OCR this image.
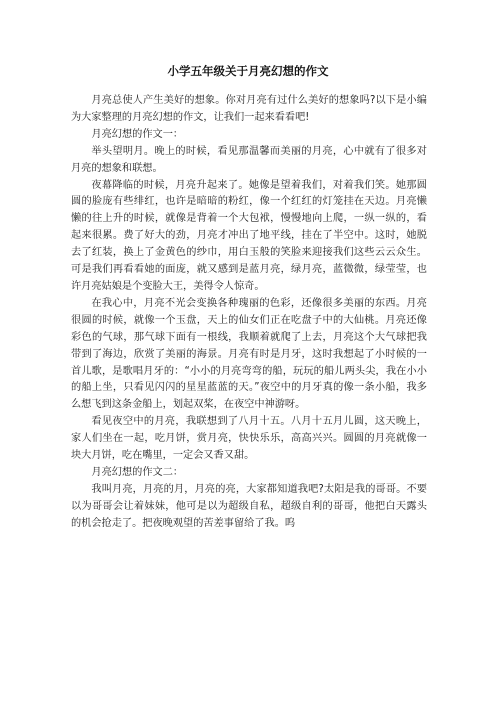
小学五年级关于月亮幻想的作文

月亮总使人产生美好的想象。你对月亮有过什么美好的想象吗?以下是小编为大家整理的月亮幻想的作文，让我们一起来看看吧!

月亮幻想的作文一：

举头望明月。晚上的时候，看见那温馨而美丽的月亮，心中就有了很多对月亮的想象和联想。

夜幕降临的时候，月亮升起来了。她像是望着我们，对着我们笑。她那圆圆的脸庞有些绯红，也许是暗暗的粉红，像一个红红的灯笼挂在天边。月亮懒懒的往上升的时候，就像是背着一个大包袱，慢慢地向上爬，一纵一纵的，看起来很累。费了好大的劲，月亮才冲出了地平线，挂在了半空中。这时，她脱去了红装，换上了金黄色的纱巾，用白玉般的笑脸来迎接我们这些云云众生。可是我们再看看她的面庞，就又感到是蓝月亮，绿月亮，蓝微微，绿莹莹，也许月亮姑娘是个变脸大王，美得令人惊奇。

在我心中，月亮不光会变换各种瑰丽的色彩，还像很多美丽的东西。月亮很圆的时候，就像一个玉盘，天上的仙女们正在吃盘子中的大仙桃。月亮还像彩色的气球，那气球下面有一根线，我顺着就爬了上去，月亮这个大气球把我带到了海边，欣赏了美丽的海景。月亮有时是月牙，这时我想起了小时候的一首儿歌，是歌唱月牙的：“小小的月亮弯弯的船，玩玩的船儿两头尖，我在小小的船上坐，只看见闪闪的星星蓝蓝的天。”夜空中的月牙真的像一条小船，我多么想飞到这条金船上，划起双桨，在夜空中神游呀。

看见夜空中的月亮，我联想到了八月十五。八月十五月儿圆，这天晚上，家人们坐在一起，吃月饼，赏月亮，快快乐乐，高高兴兴。圆圆的月亮就像一块大月饼，吃在嘴里，一定会又香又甜。

月亮幻想的作文二：

我叫月亮，月亮的月，月亮的亮，大家都知道我吧?太阳是我的哥哥。不要以为哥哥会让着妹妹，他可是以为超级自私，超级自利的哥哥，他把白天露头的机会抢走了。把夜晚观望的苦差事留给了我。呜
